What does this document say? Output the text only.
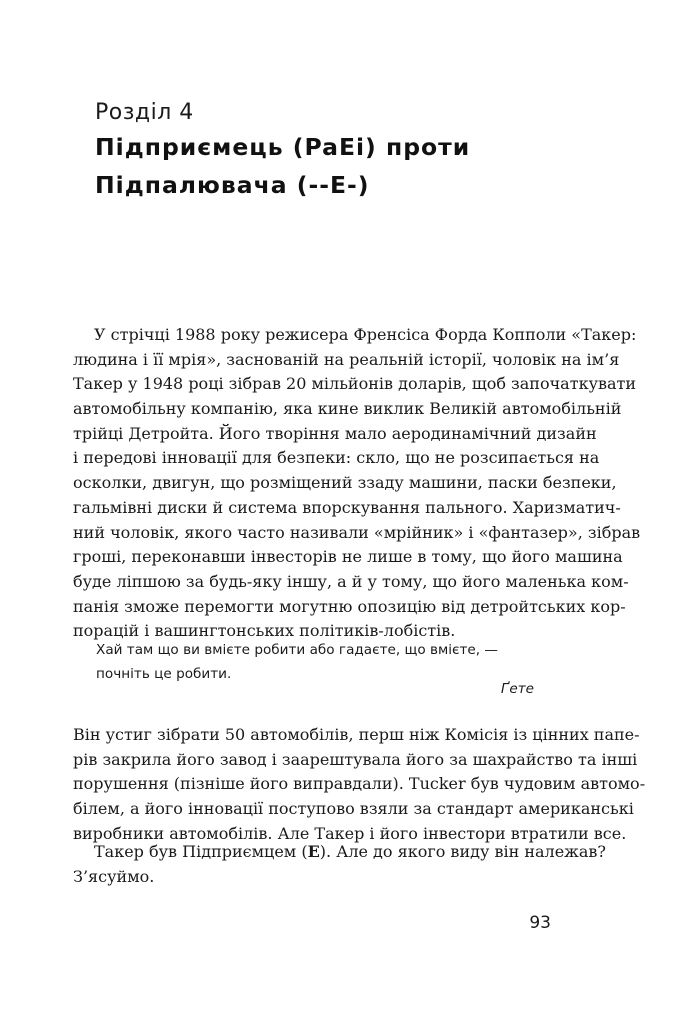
Розділ 4
Підприємець (PaEi) проти
Підпалювача (--E-)
У стрічці 1988 року режисера Френсіса Форда Копполи «Такер:
людина і її мрія», заснованій на реальній історії, чоловік на ім’я
Такер у 1948 році зібрав 20 мільйонів доларів, щоб започаткувати
автомобільну компанію, яка кине виклик Великій автомобільній
трійці Детройта. Його творіння мало аеродинамічний дизайн
і передові інновації для безпеки: скло, що не розсипається на
осколки, двигун, що розміщений ззаду машини, паски безпеки,
гальмівні диски й система впорскування пального. Харизматич-
ний чоловік, якого часто називали «мрійник» і «фантазер», зібрав
гроші, переконавши інвесторів не лише в тому, що його машина
буде ліпшою за будь-яку іншу, а й у тому, що його маленька ком-
панія зможе перемогти могутню опозицію від детройтських кор-
порацій і вашингтонських політиків-лобістів.
Хай там що ви вмієте робити або гадаєте, що вмієте, —
почніть це робити.
Ґете
Він устиг зібрати 50 автомобілів, перш ніж Комісія із цінних папе-
рів закрила його завод і заарештувала його за шахрайство та інші
порушення (пізніше його виправдали). Tucker був чудовим автомо-
білем, а його інновації поступово взяли за стандарт американські
виробники автомобілів. Але Такер і його інвестори втратили все.
Такер був Підприємцем (E). Але до якого виду він належав?
З’ясуймо.
93
